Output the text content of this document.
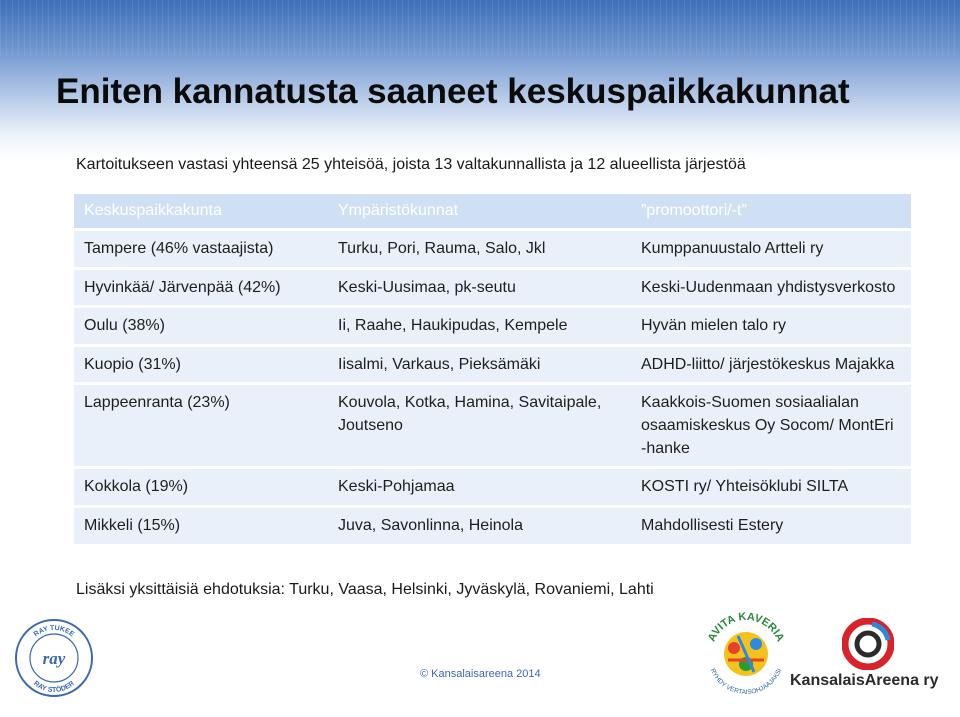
Eniten kannatusta saaneet keskuspaikkakunnat

Kartoitukseen vastasi yhteensä 25 yhteisöä, joista 13 valtakunnallista ja 12 alueellista järjestöä

Keskuspaikkakunta	Ympäristökunnat	”promoottori/-t”
Tampere (46% vastaajista)	Turku, Pori, Rauma, Salo, Jkl	Kumppanuustalo Artteli ry
Hyvinkää/ Järvenpää (42%)	Keski-Uusimaa, pk-seutu	Keski-Uudenmaan yhdistysverkosto
Oulu (38%)	Ii, Raahe, Haukipudas, Kempele	Hyvän mielen talo ry
Kuopio (31%)	Iisalmi, Varkaus, Pieksämäki	ADHD-liitto/ järjestökeskus Majakka
Lappeenranta (23%)	Kouvola, Kotka, Hamina, Savitaipale, Joutseno	Kaakkois-Suomen sosiaalialan osaamiskeskus Oy Socom/ MontEri -hanke
Kokkola (19%)	Keski-Pohjamaa	KOSTI ry/ Yhteisöklubi SILTA
Mikkeli (15%)	Juva, Savonlinna, Heinola	Mahdollisesti Estery

Lisäksi yksittäisiä ehdotuksia: Turku, Vaasa, Helsinki, Jyväskylä, Rovaniemi, Lahti

© Kansalaisareena 2014
RAY TUKEE
RAY STÖDER
ray
AVITA KAVERIA
RYHDY VERTAISOHJAAJAKSI
KansalaisAreena ry
